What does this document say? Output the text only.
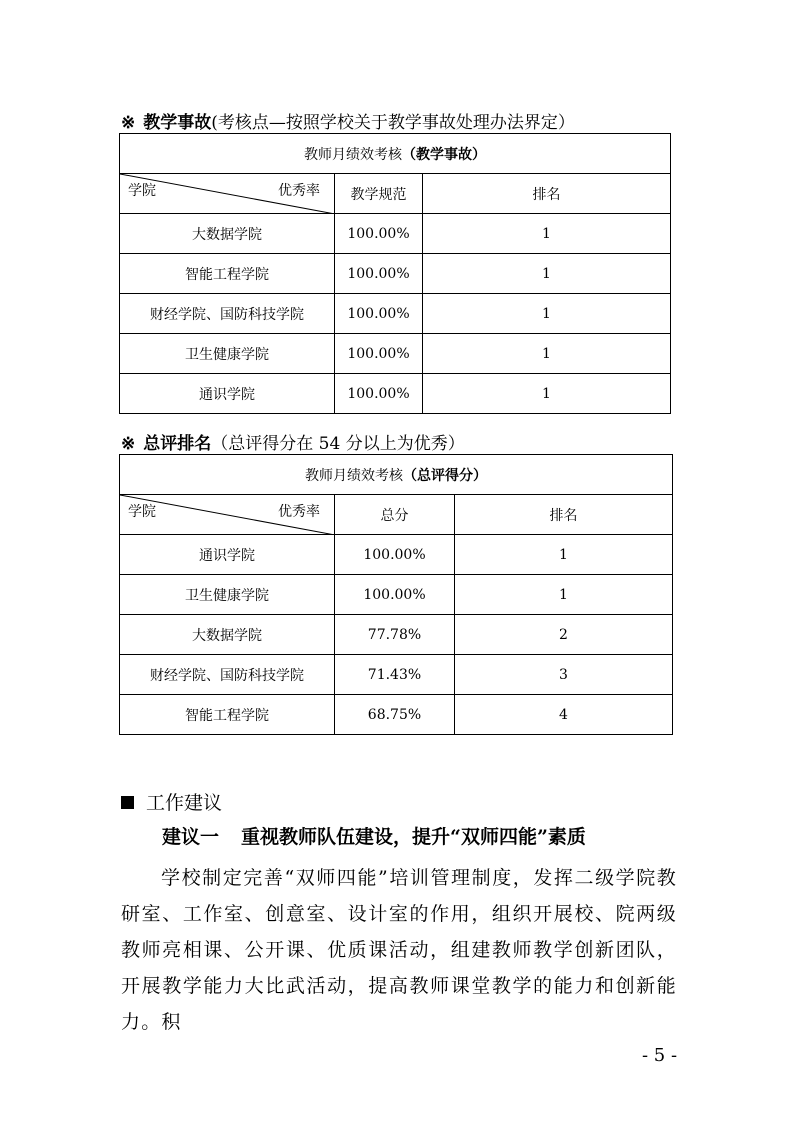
※ 教学事故(考核点—按照学校关于教学事故处理办法界定）
教师月绩效考核（教学事故）		

学院 优秀率	教学规范	排名
大数据学院	100.00%	1
智能工程学院	100.00%	1
财经学院、国防科技学院	100.00%	1
卫生健康学院	100.00%	1
通识学院	100.00%	1
※ 总评排名（总评得分在 54 分以上为优秀）
教师月绩效考核（总评得分）		

学院 优秀率	总分	排名
通识学院	100.00%	1
卫生健康学院	100.00%	1
大数据学院	77.78%	2
财经学院、国防科技学院	71.43%	3
智能工程学院	68.75%	4
工作建议
建议一 重视教师队伍建设，提升“双师四能”素质

学校制定完善“双师四能”培训管理制度，发挥二级学院教研室、工作室、创意室、设计室的作用，组织开展校、院两级教师亮相课、公开课、优质课活动，组建教师教学创新团队，开展教学能力大比武活动，提高教师课堂教学的能力和创新能力。积

- 5 -
